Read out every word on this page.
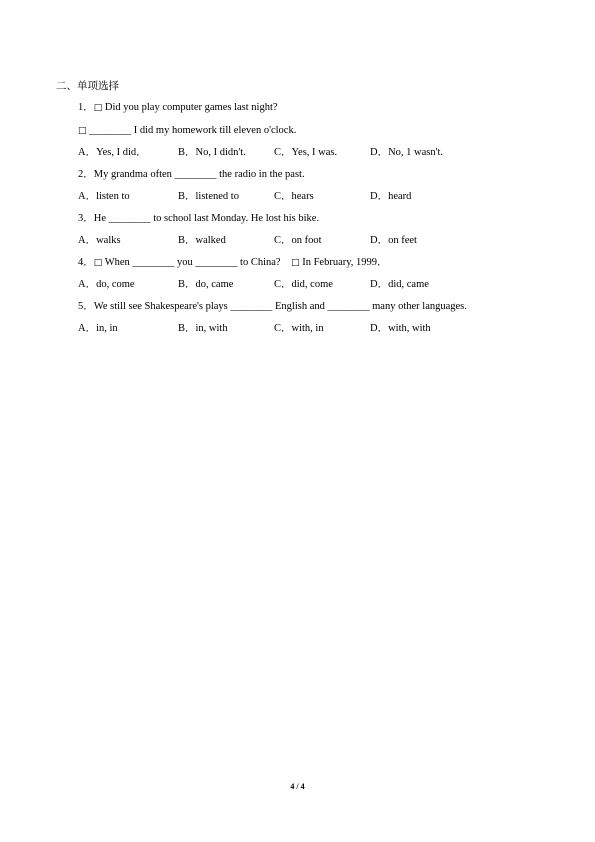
二、单项选择
1．□ Did you play computer games last night?
□ ________ I did my homework till eleven o'clock.
A．Yes, I did．	B．No, I didn't.	C．Yes, I was.	D．No, 1 wasn't.
2．My grandma often ________ the radio in the past.
A．listen to	B．listened to	C．hears	D．heard
3．He ________ to school last Monday. He lost his bike.
A．walks	B．walked	C．on foot	D．on feet
4．□ When ________ you ________ to China? □ In February, 1999．
A．do, come	B．do, came	C．did, come	D．did, came
5．We still see Shakespeare's plays ________ English and ________ many other languages.
A．in, in	B．in, with	C．with, in	D．with, with
4 / 4
